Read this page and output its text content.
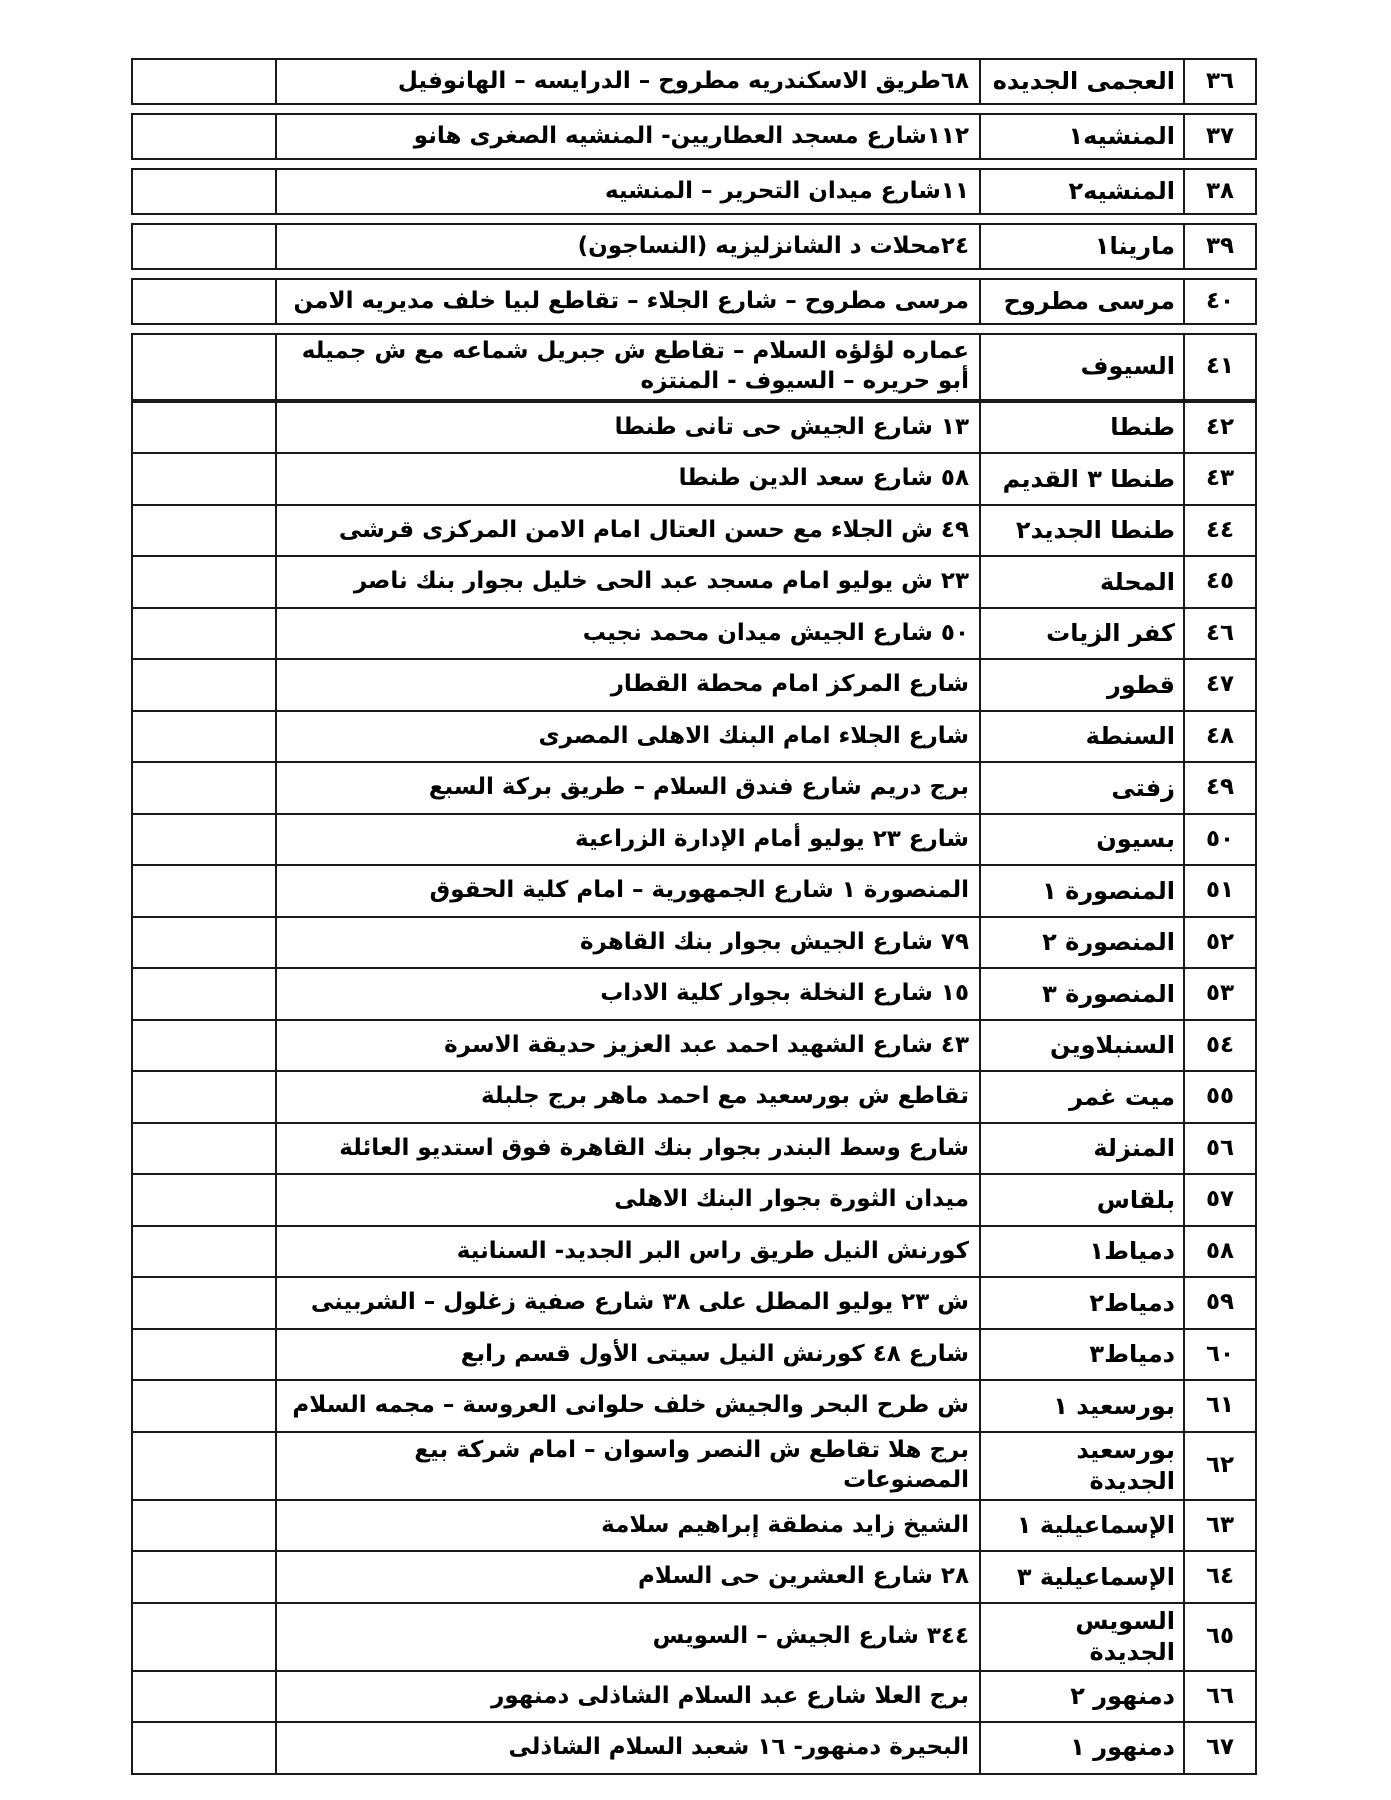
٣٦
العجمى الجديده
٦٨طريق الاسكندريه مطروح – الدرايسه – الهانوفيل
٣٧
المنشيه١
١١٢شارع مسجد العطاريين- المنشيه الصغرى هانو
٣٨
المنشيه٢
١١شارع ميدان التحرير – المنشيه
٣٩
مارينا١
٢٤محلات د الشانزليزيه (النساجون)
٤٠
مرسى مطروح
مرسى مطروح – شارع الجلاء – تقاطع لبيا خلف مديريه الامن
٤١
السيوف
عماره لؤلؤه السلام – تقاطع ش جبريل شماعه مع ش جميله أبو حريره – السيوف - المنتزه
٤٢
طنطا
١٣ شارع الجيش حى تانى طنطا
٤٣
طنطا ٣ القديم
٥٨ شارع سعد الدين طنطا
٤٤
طنطا الجديد٢
٤٩ ش الجلاء مع حسن العتال امام الامن المركزى قرشى
٤٥
المحلة
٢٣ ش يوليو امام مسجد عبد الحى خليل بجوار بنك ناصر
٤٦
كفر الزيات
٥٠ شارع الجيش ميدان محمد نجيب
٤٧
قطور
شارع المركز امام محطة القطار
٤٨
السنطة
شارع الجلاء امام البنك الاهلى المصرى
٤٩
زفتى
برج دريم شارع فندق السلام – طريق بركة السبع
٥٠
بسيون
شارع ٢٣ يوليو أمام الإدارة الزراعية
٥١
المنصورة ١
المنصورة ١ شارع الجمهورية – امام كلية الحقوق
٥٢
المنصورة ٢
٧٩ شارع الجيش بجوار بنك القاهرة
٥٣
المنصورة ٣
١٥ شارع النخلة بجوار كلية الاداب
٥٤
السنبلاوين
٤٣ شارع الشهيد احمد عبد العزيز حديقة الاسرة
٥٥
ميت غمر
تقاطع ش بورسعيد مع احمد ماهر برج جلبلة
٥٦
المنزلة
شارع وسط البندر بجوار بنك القاهرة فوق استديو العائلة
٥٧
بلقاس
ميدان الثورة بجوار البنك الاهلى
٥٨
دمياط١
كورنش النيل طريق راس البر الجديد- السنانية
٥٩
دمياط٢
ش ٢٣ يوليو المطل على ٣٨ شارع صفية زغلول – الشربينى
٦٠
دمياط٣
شارع ٤٨ كورنش النيل سيتى الأول قسم رابع
٦١
بورسعيد ١
ش طرح البحر والجيش خلف حلوانى العروسة – مجمه السلام
٦٢
بورسعيد الجديدة
برج هلا تقاطع ش النصر واسوان – امام شركة بيع المصنوعات
٦٣
الإسماعيلية ١
الشيخ زايد منطقة إبراهيم سلامة
٦٤
الإسماعيلية ٣
٢٨ شارع العشرين حى السلام
٦٥
السويس الجديدة
٣٤٤ شارع الجيش – السويس
٦٦
دمنهور ٢
برج العلا شارع عبد السلام الشاذلى دمنهور
٦٧
دمنهور ١
البحيرة دمنهور- ١٦ شعبد السلام الشاذلى
